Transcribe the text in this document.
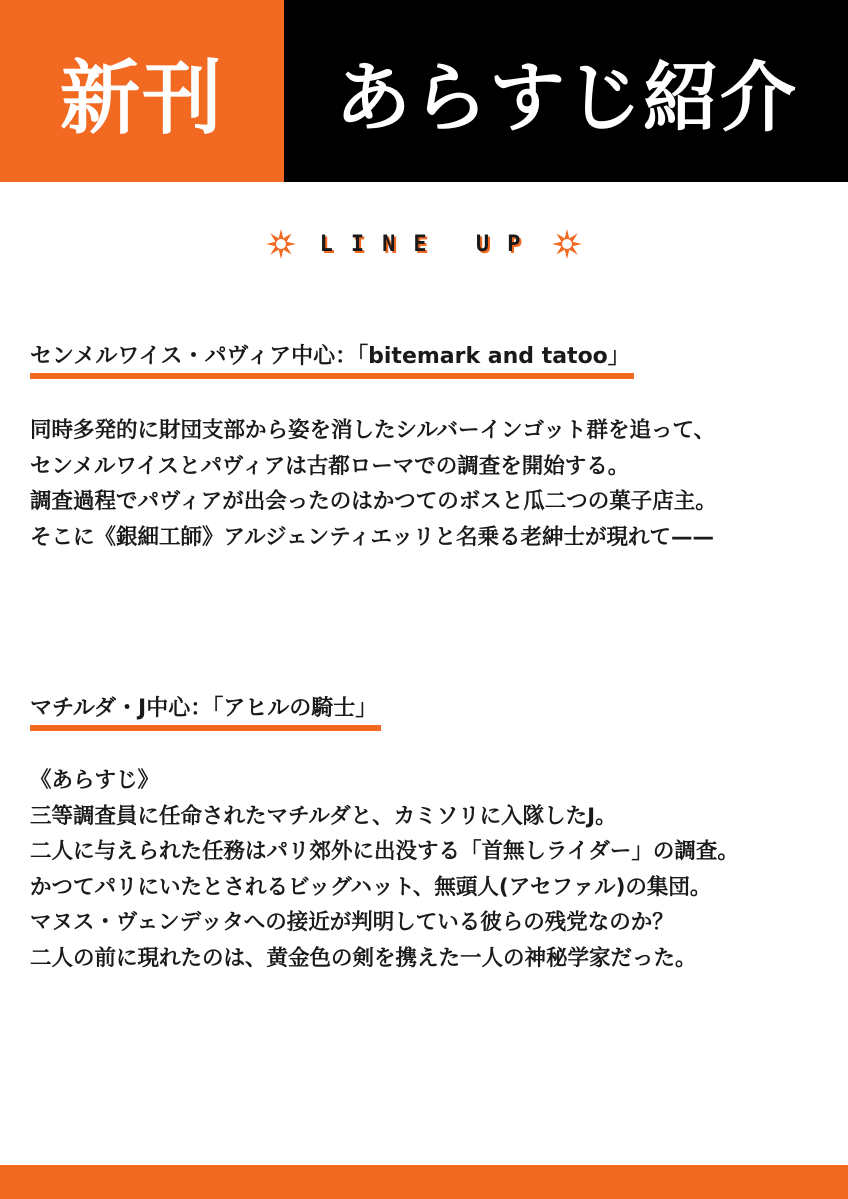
新刊 あらすじ紹介
LINE UP
センメルワイス・パヴィア中心：「bitemark and tatoo」
同時多発的に財団支部から姿を消したシルバーインゴット群を追って、
センメルワイスとパヴィアは古都ローマでの調査を開始する。
調査過程でパヴィアが出会ったのはかつてのボスと瓜二つの菓子店主。
そこに《銀細工師》アルジェンティエッリと名乗る老紳士が現れて——
マチルダ・J中心：「アヒルの騎士」
《あらすじ》
三等調査員に任命されたマチルダと、カミソリに入隊したJ。
二人に与えられた任務はパリ郊外に出没する「首無しライダー」の調査。
かつてパリにいたとされるビッグハット、無頭人(アセファル)の集団。
マヌス・ヴェンデッタへの接近が判明している彼らの残党なのか？
二人の前に現れたのは、黄金色の剣を携えた一人の神秘学家だった。
